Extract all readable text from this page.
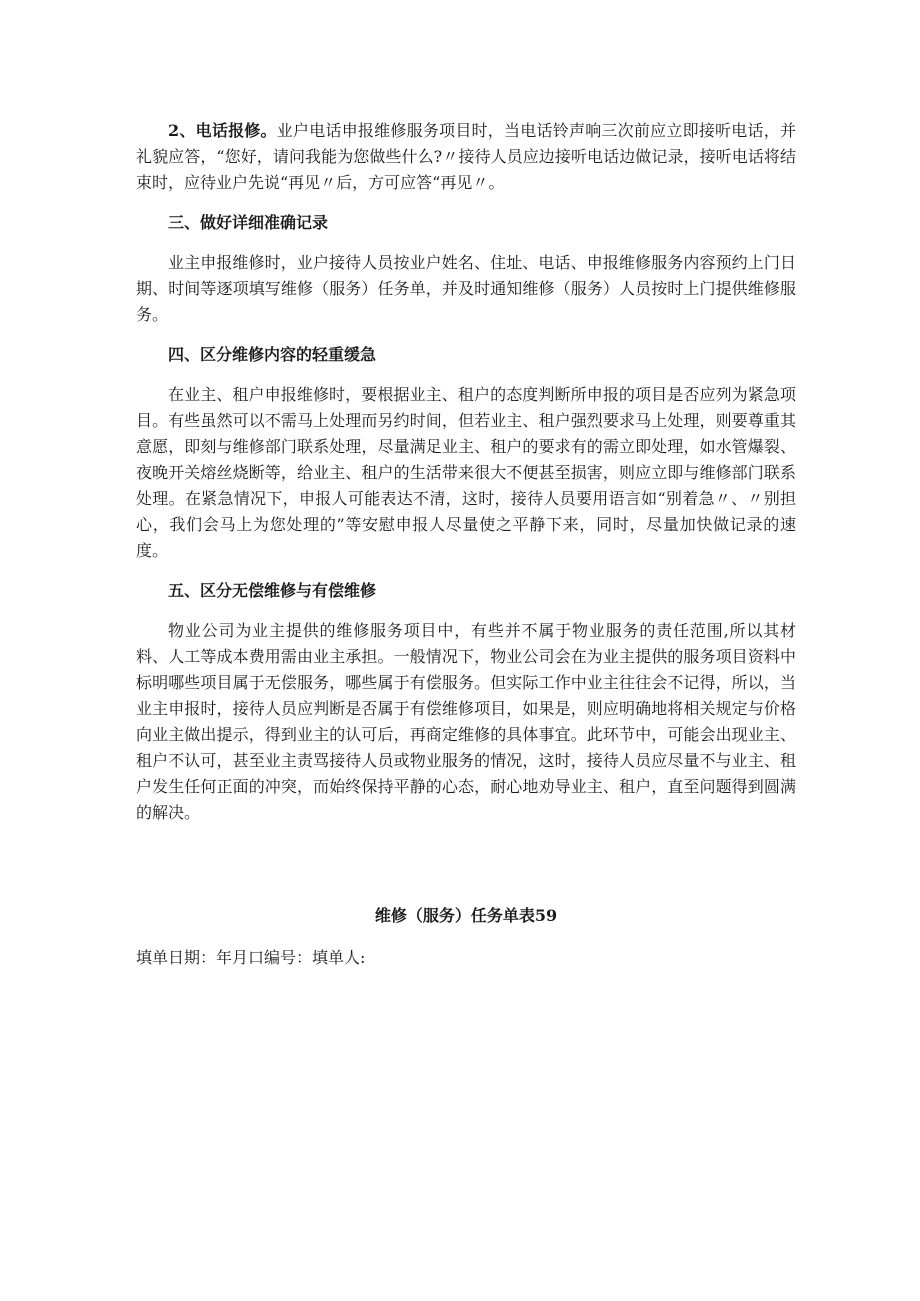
2、电话报修。业户电话申报维修服务项目时，当电话铃声响三次前应立即接听电话，并礼貌应答，“您好，请问我能为您做些什么?〃接待人员应边接听电话边做记录，接听电话将结束时，应待业户先说“再见〃后，方可应答“再见〃。

三、做好详细准确记录

业主申报维修时，业户接待人员按业户姓名、住址、电话、申报维修服务内容预约上门日期、时间等逐项填写维修（服务）任务单，并及时通知维修（服务）人员按时上门提供维修服务。

四、区分维修内容的轻重缓急

在业主、租户申报维修时，要根据业主、租户的态度判断所申报的项目是否应列为紧急项目。有些虽然可以不需马上处理而另约时间，但若业主、租户强烈要求马上处理，则要尊重其意愿，即刻与维修部门联系处理，尽量满足业主、租户的要求有的需立即处理，如水管爆裂、夜晚开关熔丝烧断等，给业主、租户的生活带来很大不便甚至损害，则应立即与维修部门联系处理。在紧急情况下，申报人可能表达不清，这时，接待人员要用语言如“别着急〃、〃别担心，我们会马上为您处理的”等安慰申报人尽量使之平静下来，同时，尽量加快做记录的速度。

五、区分无偿维修与有偿维修

物业公司为业主提供的维修服务项目中，有些并不属于物业服务的责任范围,所以其材料、人工等成本费用需由业主承担。一般情况下，物业公司会在为业主提供的服务项目资料中标明哪些项目属于无偿服务，哪些属于有偿服务。但实际工作中业主往往会不记得，所以，当业主申报时，接待人员应判断是否属于有偿维修项目，如果是，则应明确地将相关规定与价格向业主做出提示，得到业主的认可后，再商定维修的具体事宜。此环节中，可能会出现业主、租户不认可，甚至业主责骂接待人员或物业服务的情况，这时，接待人员应尽量不与业主、租户发生任何正面的冲突，而始终保持平静的心态，耐心地劝导业主、租户，直至问题得到圆满的解决。

维修（服务）任务单表59
填单日期：年月口编号：填单人:
